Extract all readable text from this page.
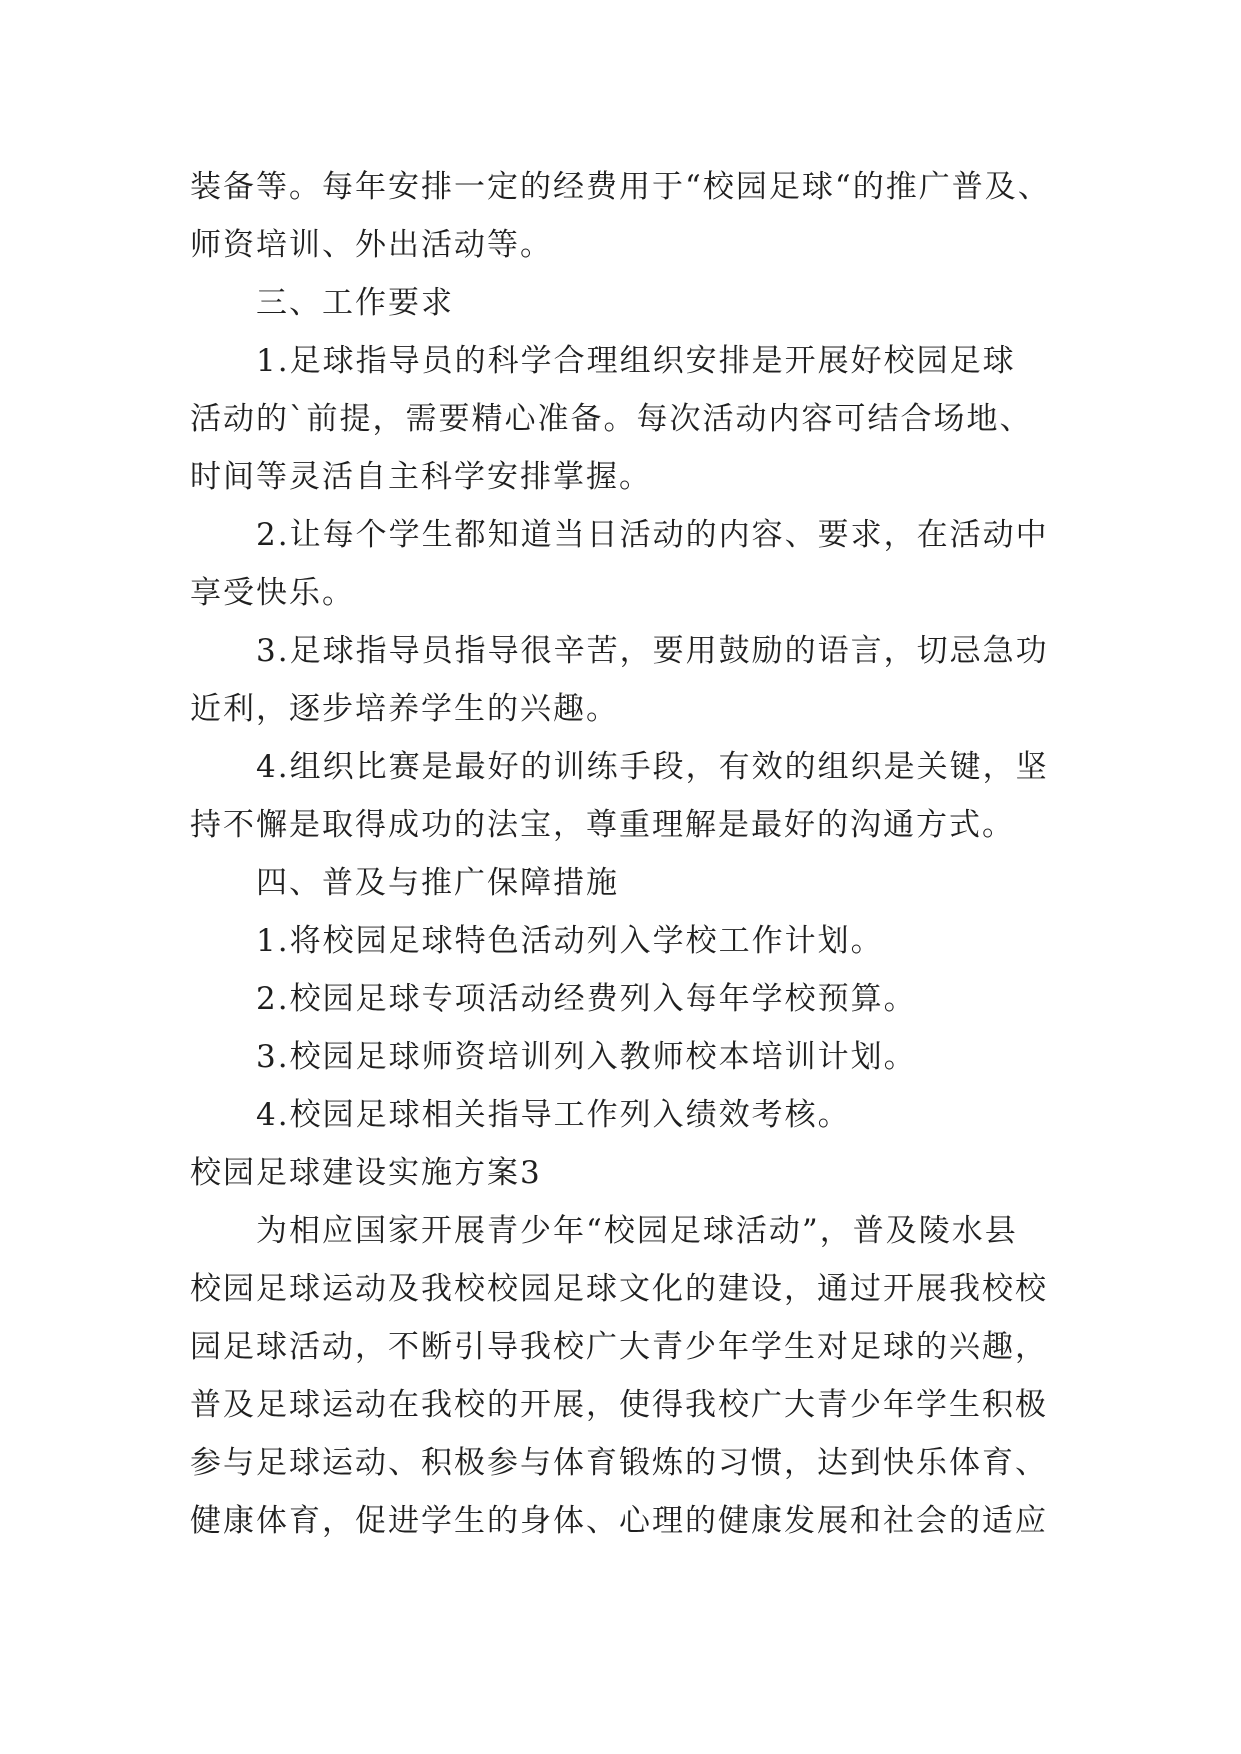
装备等。每年安排一定的经费用于“校园足球“的推广普及、
师资培训、外出活动等。
三、工作要求
1.足球指导员的科学合理组织安排是开展好校园足球
活动的`前提，需要精心准备。每次活动内容可结合场地、
时间等灵活自主科学安排掌握。
2.让每个学生都知道当日活动的内容、要求，在活动中
享受快乐。
3.足球指导员指导很辛苦，要用鼓励的语言，切忌急功
近利，逐步培养学生的兴趣。
4.组织比赛是最好的训练手段，有效的组织是关键，坚
持不懈是取得成功的法宝，尊重理解是最好的沟通方式。
四、普及与推广保障措施
1.将校园足球特色活动列入学校工作计划。
2.校园足球专项活动经费列入每年学校预算。
3.校园足球师资培训列入教师校本培训计划。
4.校园足球相关指导工作列入绩效考核。
校园足球建设实施方案3
为相应国家开展青少年“校园足球活动”，普及陵水县
校园足球运动及我校校园足球文化的建设，通过开展我校校
园足球活动，不断引导我校广大青少年学生对足球的兴趣，
普及足球运动在我校的开展，使得我校广大青少年学生积极
参与足球运动、积极参与体育锻炼的习惯，达到快乐体育、
健康体育，促进学生的身体、心理的健康发展和社会的适应
